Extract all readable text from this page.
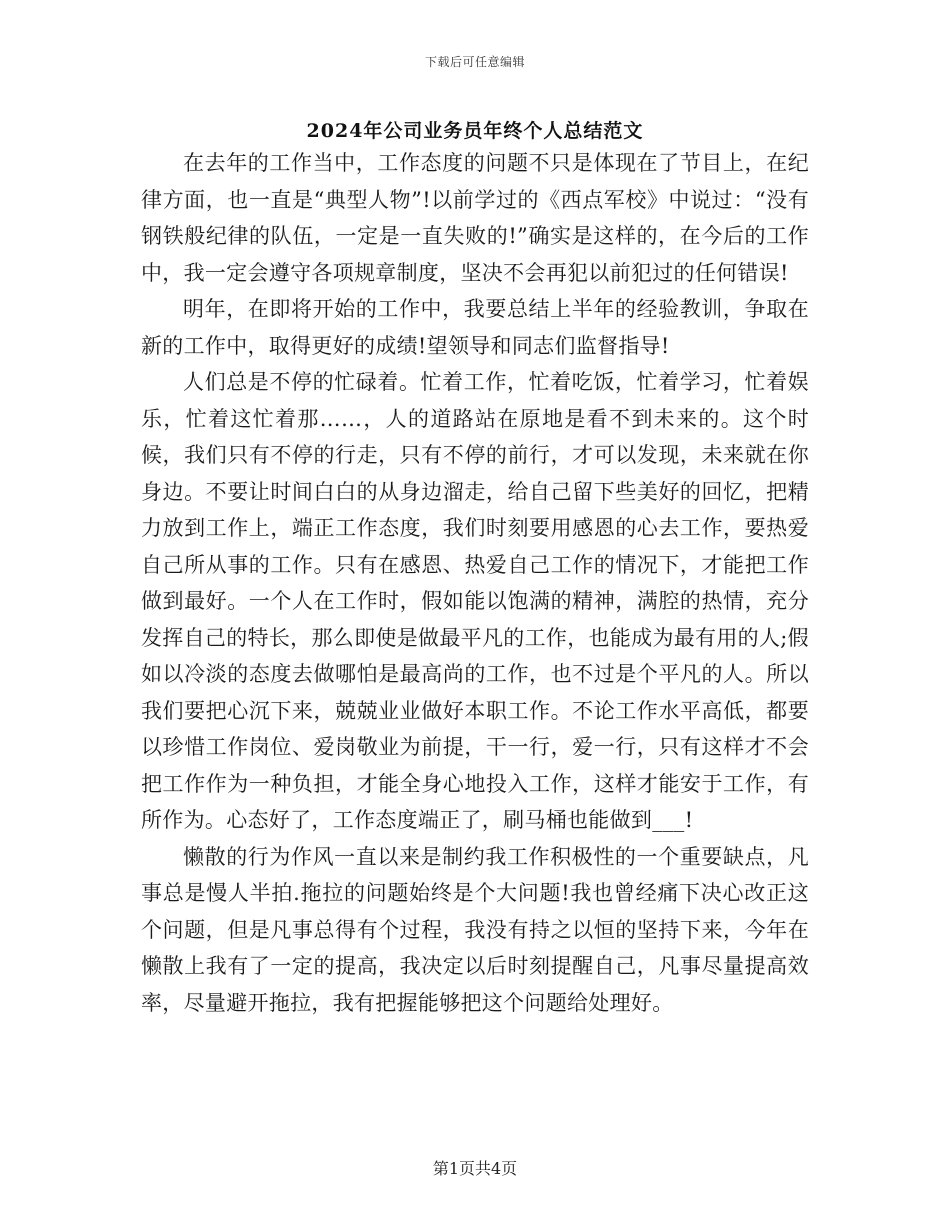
下载后可任意编辑
2024年公司业务员年终个人总结范文

在去年的工作当中，工作态度的问题不只是体现在了节目上，在纪律方面，也一直是“典型人物”!以前学过的《西点军校》中说过：“没有钢铁般纪律的队伍，一定是一直失败的!”确实是这样的，在今后的工作中，我一定会遵守各项规章制度，坚决不会再犯以前犯过的任何错误!

明年，在即将开始的工作中，我要总结上半年的经验教训，争取在新的工作中，取得更好的成绩!望领导和同志们监督指导!

人们总是不停的忙碌着。忙着工作，忙着吃饭，忙着学习，忙着娱乐，忙着这忙着那……，人的道路站在原地是看不到未来的。这个时候，我们只有不停的行走，只有不停的前行，才可以发现，未来就在你身边。不要让时间白白的从身边溜走，给自己留下些美好的回忆，把精力放到工作上，端正工作态度，我们时刻要用感恩的心去工作，要热爱自己所从事的工作。只有在感恩、热爱自己工作的情况下，才能把工作做到最好。一个人在工作时，假如能以饱满的精神，满腔的热情，充分发挥自己的特长，那么即使是做最平凡的工作，也能成为最有用的人;假如以冷淡的态度去做哪怕是最高尚的工作，也不过是个平凡的人。所以我们要把心沉下来，兢兢业业做好本职工作。不论工作水平高低，都要以珍惜工作岗位、爱岗敬业为前提，干一行，爱一行，只有这样才不会把工作作为一种负担，才能全身心地投入工作，这样才能安于工作，有所作为。心态好了，工作态度端正了，刷马桶也能做到___!

懒散的行为作风一直以来是制约我工作积极性的一个重要缺点，凡事总是慢人半拍.拖拉的问题始终是个大问题!我也曾经痛下决心改正这个问题，但是凡事总得有个过程，我没有持之以恒的坚持下来，今年在懒散上我有了一定的提高，我决定以后时刻提醒自己，凡事尽量提高效率，尽量避开拖拉，我有把握能够把这个问题给处理好。

第1页共4页
